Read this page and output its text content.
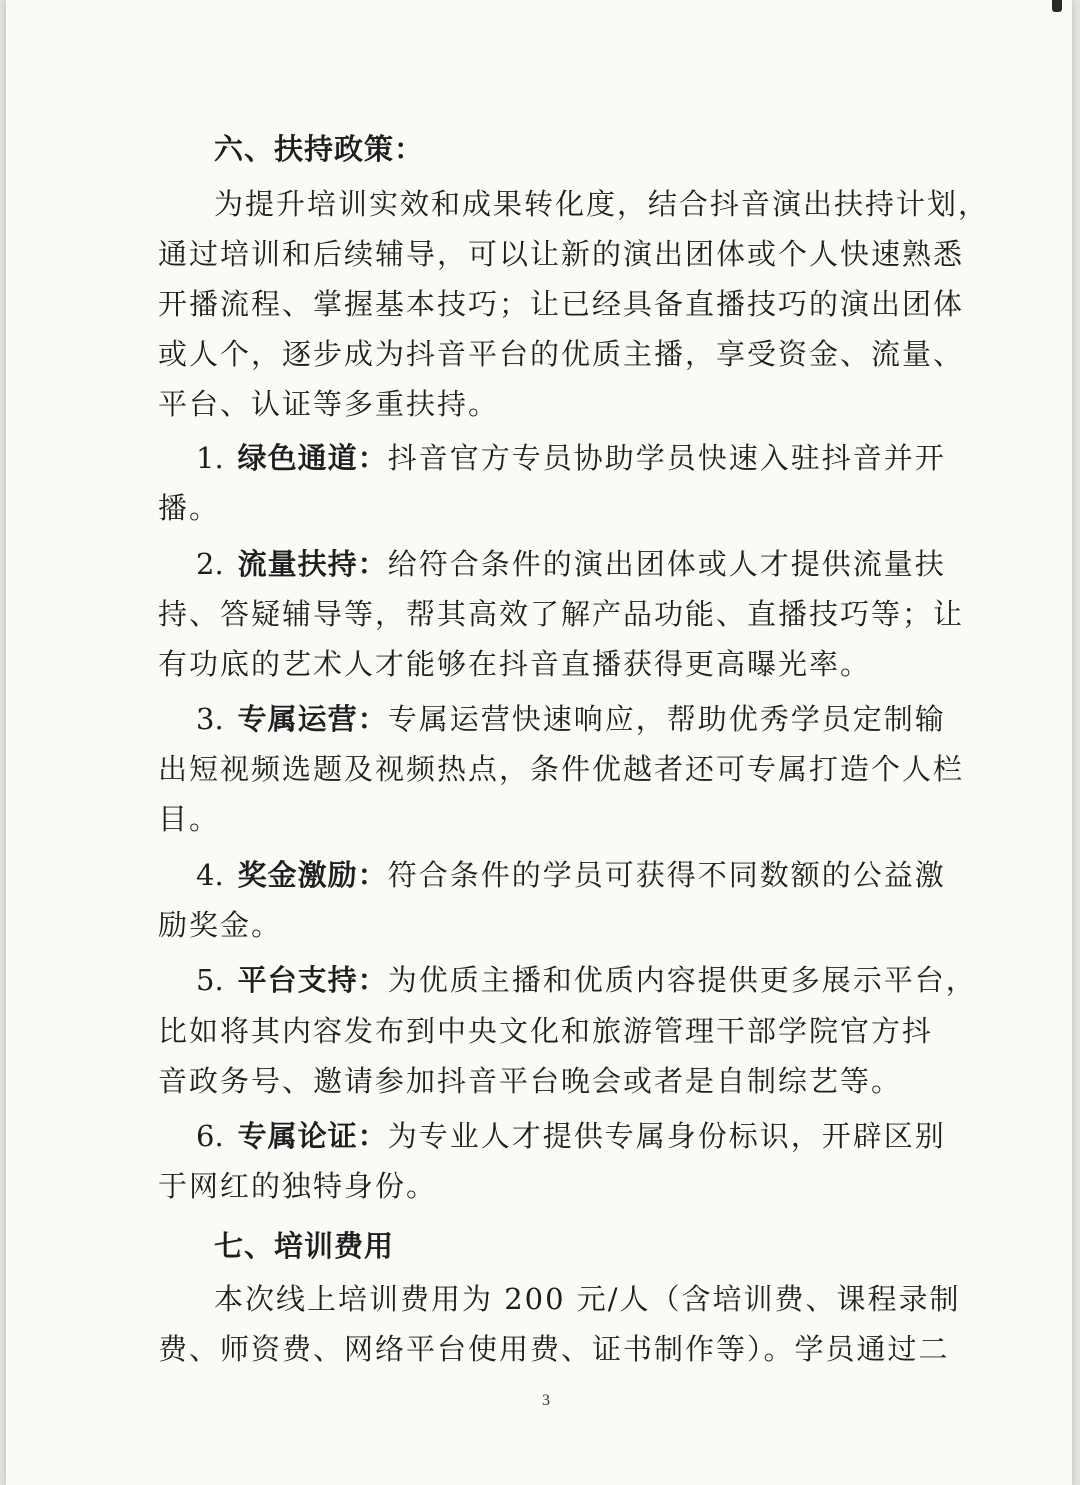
六、扶持政策：

为提升培训实效和成果转化度，结合抖音演出扶持计划，

通过培训和后续辅导，可以让新的演出团体或个人快速熟悉

开播流程、掌握基本技巧；让已经具备直播技巧的演出团体

或人个，逐步成为抖音平台的优质主播，享受资金、流量、

平台、认证等多重扶持。

1. 绿色通道：抖音官方专员协助学员快速入驻抖音并开

播。

2. 流量扶持：给符合条件的演出团体或人才提供流量扶

持、答疑辅导等，帮其高效了解产品功能、直播技巧等；让

有功底的艺术人才能够在抖音直播获得更高曝光率。

3. 专属运营：专属运营快速响应，帮助优秀学员定制输

出短视频选题及视频热点，条件优越者还可专属打造个人栏

目。

4. 奖金激励：符合条件的学员可获得不同数额的公益激

励奖金。

5. 平台支持：为优质主播和优质内容提供更多展示平台，

比如将其内容发布到中央文化和旅游管理干部学院官方抖

音政务号、邀请参加抖音平台晚会或者是自制综艺等。

6. 专属论证：为专业人才提供专属身份标识，开辟区别

于网红的独特身份。

七、培训费用

本次线上培训费用为 200 元/人（含培训费、课程录制

费、师资费、网络平台使用费、证书制作等）。学员通过二

3
